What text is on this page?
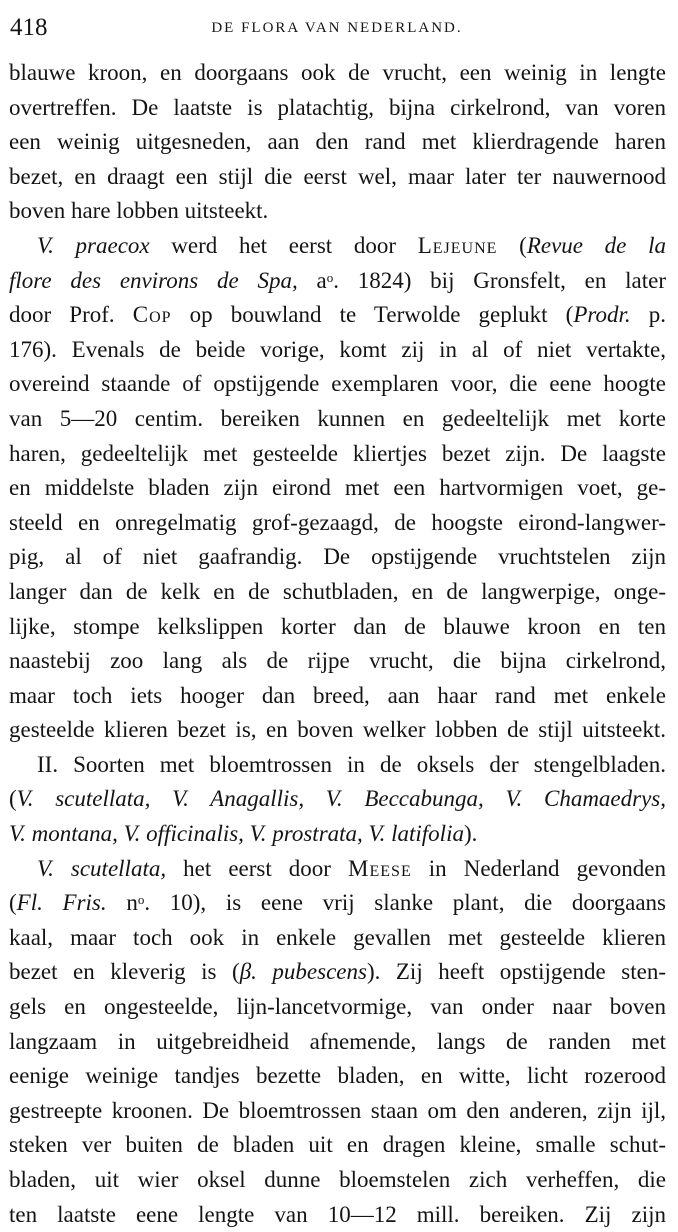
418	DE FLORA VAN NEDERLAND.
blauwe kroon, en doorgaans ook de vrucht, een weinig in lengte
overtreffen. De laatste is platachtig, bijna cirkelrond, van voren
een weinig uitgesneden, aan den rand met klierdragende haren
bezet, en draagt een stijl die eerst wel, maar later ter nauwernood
boven hare lobben uitsteekt.
V. praecox werd het eerst door Lejeune (Revue de la
flore des environs de Spa, $a^o$. 1824) bij Gronsfelt, en later
door Prof. Cop op bouwland te Terwolde geplukt (Prodr. p.
176). Evenals de beide vorige, komt zij in al of niet vertakte,
overeind staande of opstijgende exemplaren voor, die eene hoogte
van 5—20 centim. bereiken kunnen en gedeeltelijk met korte
haren, gedeeltelijk met gesteelde kliertjes bezet zijn. De laagste
en middelste bladen zijn eirond met een hartvormigen voet, ge-
steeld en onregelmatig grof-gezaagd, de hoogste eirond-langwer-
pig, al of niet gaafrandig. De opstijgende vruchtstelen zijn
langer dan de kelk en de schutbladen, en de langwerpige, onge-
lijke, stompe kelkslippen korter dan de blauwe kroon en ten
naastebij zoo lang als de rijpe vrucht, die bijna cirkelrond,
maar toch iets hooger dan breed, aan haar rand met enkele
gesteelde klieren bezet is, en boven welker lobben de stijl uitsteekt.
II. Soorten met bloemtrossen in de oksels der stengelbladen.
(V. scutellata, V. Anagallis, V. Beccabunga, V. Chamaedrys,
V. montana, V. officinalis, V. prostrata, V. latifolia).
V. scutellata, het eerst door Meese in Nederland gevonden
(Fl. Fris. $n^o$. 10), is eene vrij slanke plant, die doorgaans
kaal, maar toch ook in enkele gevallen met gesteelde klieren
bezet en kleverig is (β. pubescens). Zij heeft opstijgende sten-
gels en ongesteelde, lijn-lancetvormige, van onder naar boven
langzaam in uitgebreidheid afnemende, langs de randen met
eenige weinige tandjes bezette bladen, en witte, licht rozerood
gestreepte kroonen. De bloemtrossen staan om den anderen, zijn ijl,
steken ver buiten de bladen uit en dragen kleine, smalle schut-
bladen, uit wier oksel dunne bloemstelen zich verheffen, die
ten laatste eene lengte van 10—12 mill. bereiken. Zij zijn
